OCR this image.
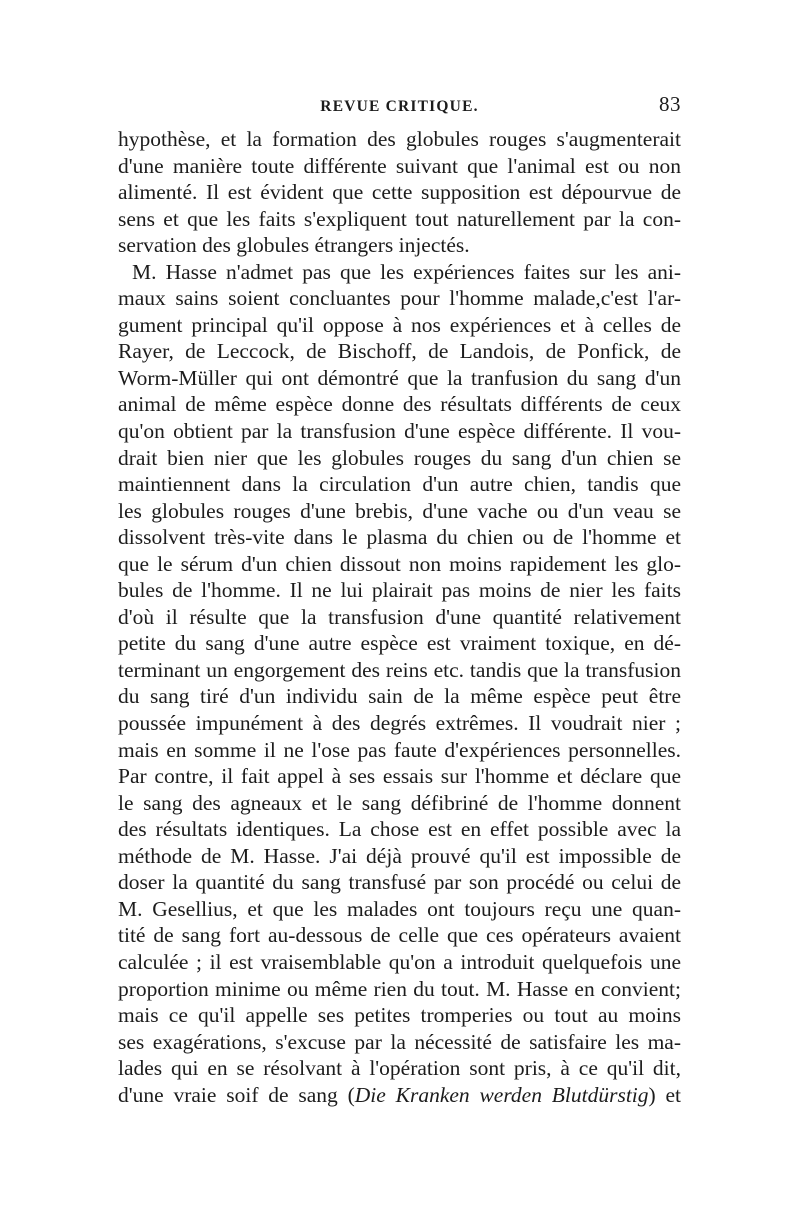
REVUE CRITIQUE.	83
hypothèse, et la formation des globules rouges s'augmenterait
d'une manière toute différente suivant que l'animal est ou non
alimenté. Il est évident que cette supposition est dépourvue de
sens et que les faits s'expliquent tout naturellement par la con-
servation des globules étrangers injectés.
M. Hasse n'admet pas que les expériences faites sur les ani-
maux sains soient concluantes pour l'homme malade,c'est l'ar-
gument principal qu'il oppose à nos expériences et à celles de
Rayer, de Leccock, de Bischoff, de Landois, de Ponfick, de
Worm-Müller qui ont démontré que la tranfusion du sang d'un
animal de même espèce donne des résultats différents de ceux
qu'on obtient par la transfusion d'une espèce différente. Il vou-
drait bien nier que les globules rouges du sang d'un chien se
maintiennent dans la circulation d'un autre chien, tandis que
les globules rouges d'une brebis, d'une vache ou d'un veau se
dissolvent très-vite dans le plasma du chien ou de l'homme et
que le sérum d'un chien dissout non moins rapidement les glo-
bules de l'homme. Il ne lui plairait pas moins de nier les faits
d'où il résulte que la transfusion d'une quantité relativement
petite du sang d'une autre espèce est vraiment toxique, en dé-
terminant un engorgement des reins etc. tandis que la transfusion
du sang tiré d'un individu sain de la même espèce peut être
poussée impunément à des degrés extrêmes. Il voudrait nier ;
mais en somme il ne l'ose pas faute d'expériences personnelles.
Par contre, il fait appel à ses essais sur l'homme et déclare que
le sang des agneaux et le sang défibriné de l'homme donnent
des résultats identiques. La chose est en effet possible avec la
méthode de M. Hasse. J'ai déjà prouvé qu'il est impossible de
doser la quantité du sang transfusé par son procédé ou celui de
M. Gesellius, et que les malades ont toujours reçu une quan-
tité de sang fort au-dessous de celle que ces opérateurs avaient
calculée ; il est vraisemblable qu'on a introduit quelquefois une
proportion minime ou même rien du tout. M. Hasse en convient;
mais ce qu'il appelle ses petites tromperies ou tout au moins
ses exagérations, s'excuse par la nécessité de satisfaire les ma-
lades qui en se résolvant à l'opération sont pris, à ce qu'il dit,
d'une vraie soif de sang (Die Kranken werden Blutdürstig) et
